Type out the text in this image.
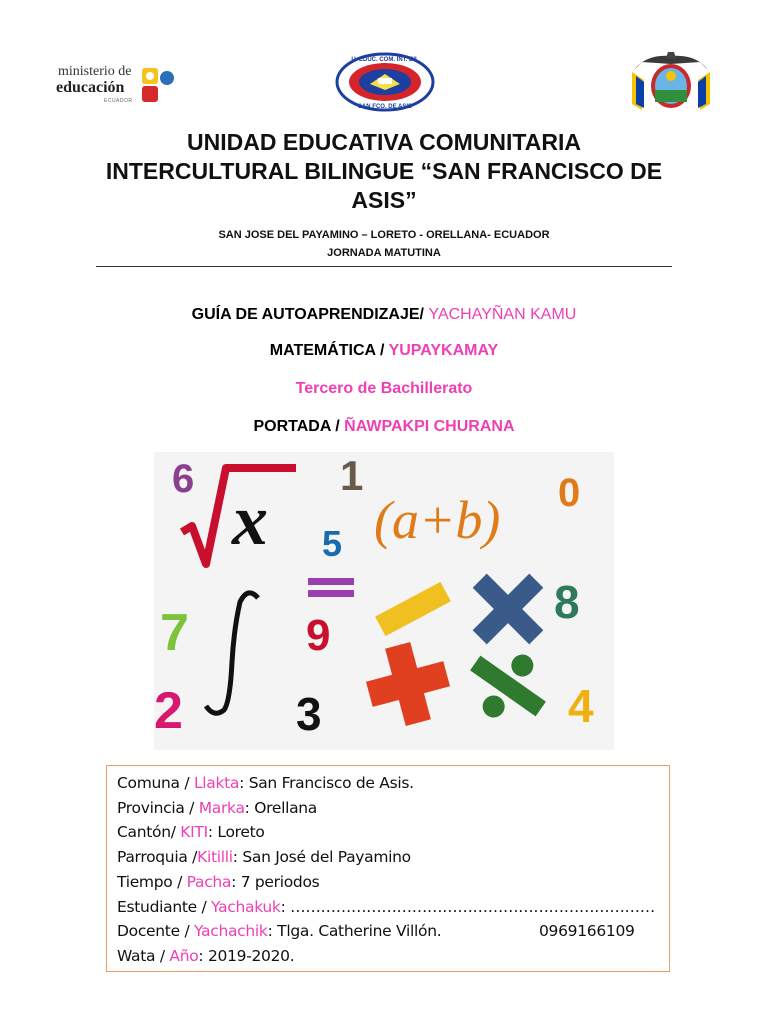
ministerio de
educación
ECUADOR
U. EDUC. COM. INT. BIL
"SAN FCO. DE ASIS"
UNIDAD EDUCATIVA COMUNITARIA
INTERCULTURAL BILINGUE “SAN FRANCISCO DE
ASIS”
SAN JOSE DEL PAYAMINO – LORETO - ORELLANA- ECUADOR
JORNADA MATUTINA
GUÍA DE AUTOAPRENDIZAJE/ YACHAYÑAN KAMU
MATEMÁTICA / YUPAYKAMAY
Tercero de Bachillerato
PORTADA / ÑAWPAKPI CHURANA
6
x
1
5 (a+b) 0
7	9
8
2 3	4
Comuna / Llakta: San Francisco de Asis.
Provincia / Marka: Orellana
Cantón/ KITI: Loreto
Parroquia /Kitilli: San José del Payamino
Tiempo / Pacha: 7 periodos
Estudiante / Yachakuk: ………………………………………………………………
Docente / Yachachik: Tlga. Catherine Villón.	0969166109
Wata / Año: 2019-2020.
